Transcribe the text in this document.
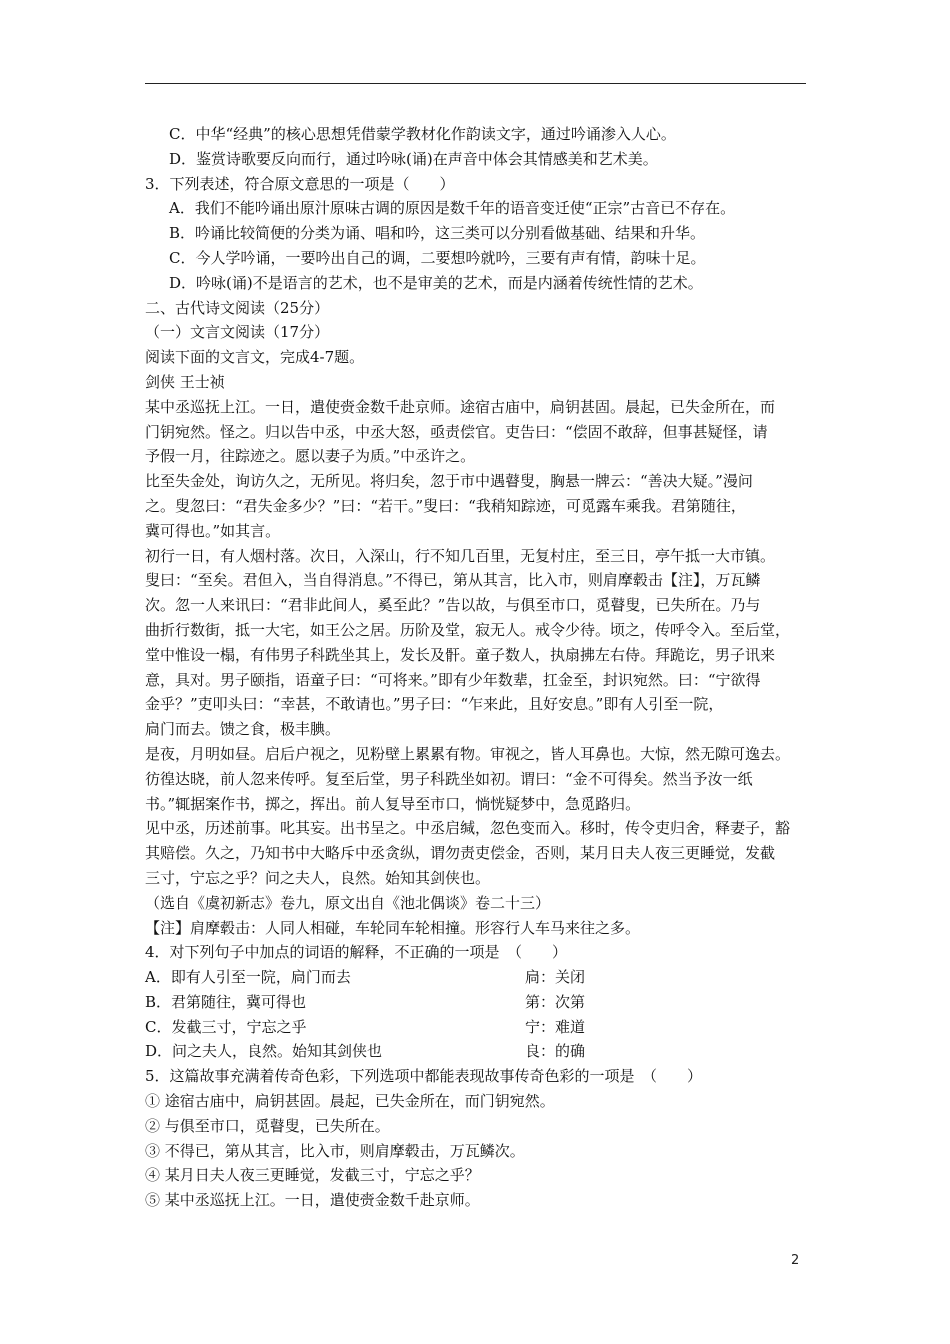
C．中华“经典”的核心思想凭借蒙学教材化作韵读文字，通过吟诵渗入人心。
D．鉴赏诗歌要反向而行，通过吟咏(诵)在声音中体会其情感美和艺术美。
3．下列表述，符合原文意思的一项是（　　）
A．我们不能吟诵出原汁原味古调的原因是数千年的语音变迁使“正宗”古音已不存在。
B．吟诵比较简便的分类为诵、唱和吟，这三类可以分别看做基础、结果和升华。
C．今人学吟诵，一要吟出自己的调，二要想吟就吟，三要有声有情，韵味十足。
D．吟咏(诵)不是语言的艺术，也不是审美的艺术，而是内涵着传统性情的艺术。
二、古代诗文阅读（25分）
（一）文言文阅读（17分）
阅读下面的文言文，完成4-7题。
剑侠 王士祯
某中丞巡抚上江。一日，遣使赍金数千赴京师。途宿古庙中，扃钥甚固。晨起，已失金所在，而
门钥宛然。怪之。归以告中丞，中丞大怒，亟责偿官。吏告曰：“偿固不敢辞，但事甚疑怪，请
予假一月，往踪迹之。愿以妻子为质。”中丞许之。
比至失金处，询访久之，无所见。将归矣，忽于市中遇瞽叟，胸悬一牌云：“善决大疑。”漫问
之。叟忽曰：“君失金多少？”曰：“若干。”叟曰：“我稍知踪迹，可觅露车乘我。君第随往，
冀可得也。”如其言。
初行一日，有人烟村落。次日，入深山，行不知几百里，无复村庄，至三日，亭午抵一大市镇。
叟曰：“至矣。君但入，当自得消息。”不得已，第从其言，比入市，则肩摩毂击【注】，万瓦鳞
次。忽一人来讯曰：“君非此间人，奚至此？”告以故，与俱至市口，觅瞽叟，已失所在。乃与
曲折行数街，抵一大宅，如王公之居。历阶及堂，寂无人。戒令少待。顷之，传呼令入。至后堂，
堂中惟设一榻，有伟男子科跣坐其上，发长及骭。童子数人，执扇拂左右侍。拜跪讫，男子讯来
意，具对。男子颐指，语童子曰：“可将来。”即有少年数辈，扛金至，封识宛然。曰：“宁欲得
金乎？”吏叩头曰：“幸甚，不敢请也。”男子曰：“乍来此，且好安息。”即有人引至一院，
扃门而去。馈之食，极丰腆。
是夜，月明如昼。启后户视之，见粉壁上累累有物。审视之，皆人耳鼻也。大惊，然无隙可逸去。
彷徨达晓，前人忽来传呼。复至后堂，男子科跣坐如初。谓曰：“金不可得矣。然当予汝一纸
书。”辄据案作书，掷之，挥出。前人复导至市口，惝恍疑梦中，急觅路归。
见中丞，历述前事。叱其妄。出书呈之。中丞启缄，忽色变而入。移时，传令吏归舍，释妻子，豁
其赔偿。久之，乃知书中大略斥中丞贪纵，谓勿责吏偿金，否则，某月日夫人夜三更睡觉，发截
三寸，宁忘之乎？问之夫人，良然。始知其剑侠也。
（选自《虞初新志》卷九，原文出自《池北偶谈》卷二十三）
【注】肩摩毂击：人同人相碰，车轮同车轮相撞。形容行人车马来往之多。
4．对下列句子中加点的词语的解释，不正确的一项是　（　　）
A．即有人引至一院，扃门而去	扃：关闭
B．君第随往，冀可得也	第：次第
C．发截三寸，宁忘之乎	宁：难道
D．问之夫人，良然。始知其剑侠也	良：的确
5．这篇故事充满着传奇色彩，下列选项中都能表现故事传奇色彩的一项是　（　　）
① 途宿古庙中，扃钥甚固。晨起，已失金所在，而门钥宛然。
② 与俱至市口，觅瞽叟，已失所在。
③ 不得已，第从其言，比入市，则肩摩毂击，万瓦鳞次。
④ 某月日夫人夜三更睡觉，发截三寸，宁忘之乎？
⑤ 某中丞巡抚上江。一日，遣使赍金数千赴京师。
2
